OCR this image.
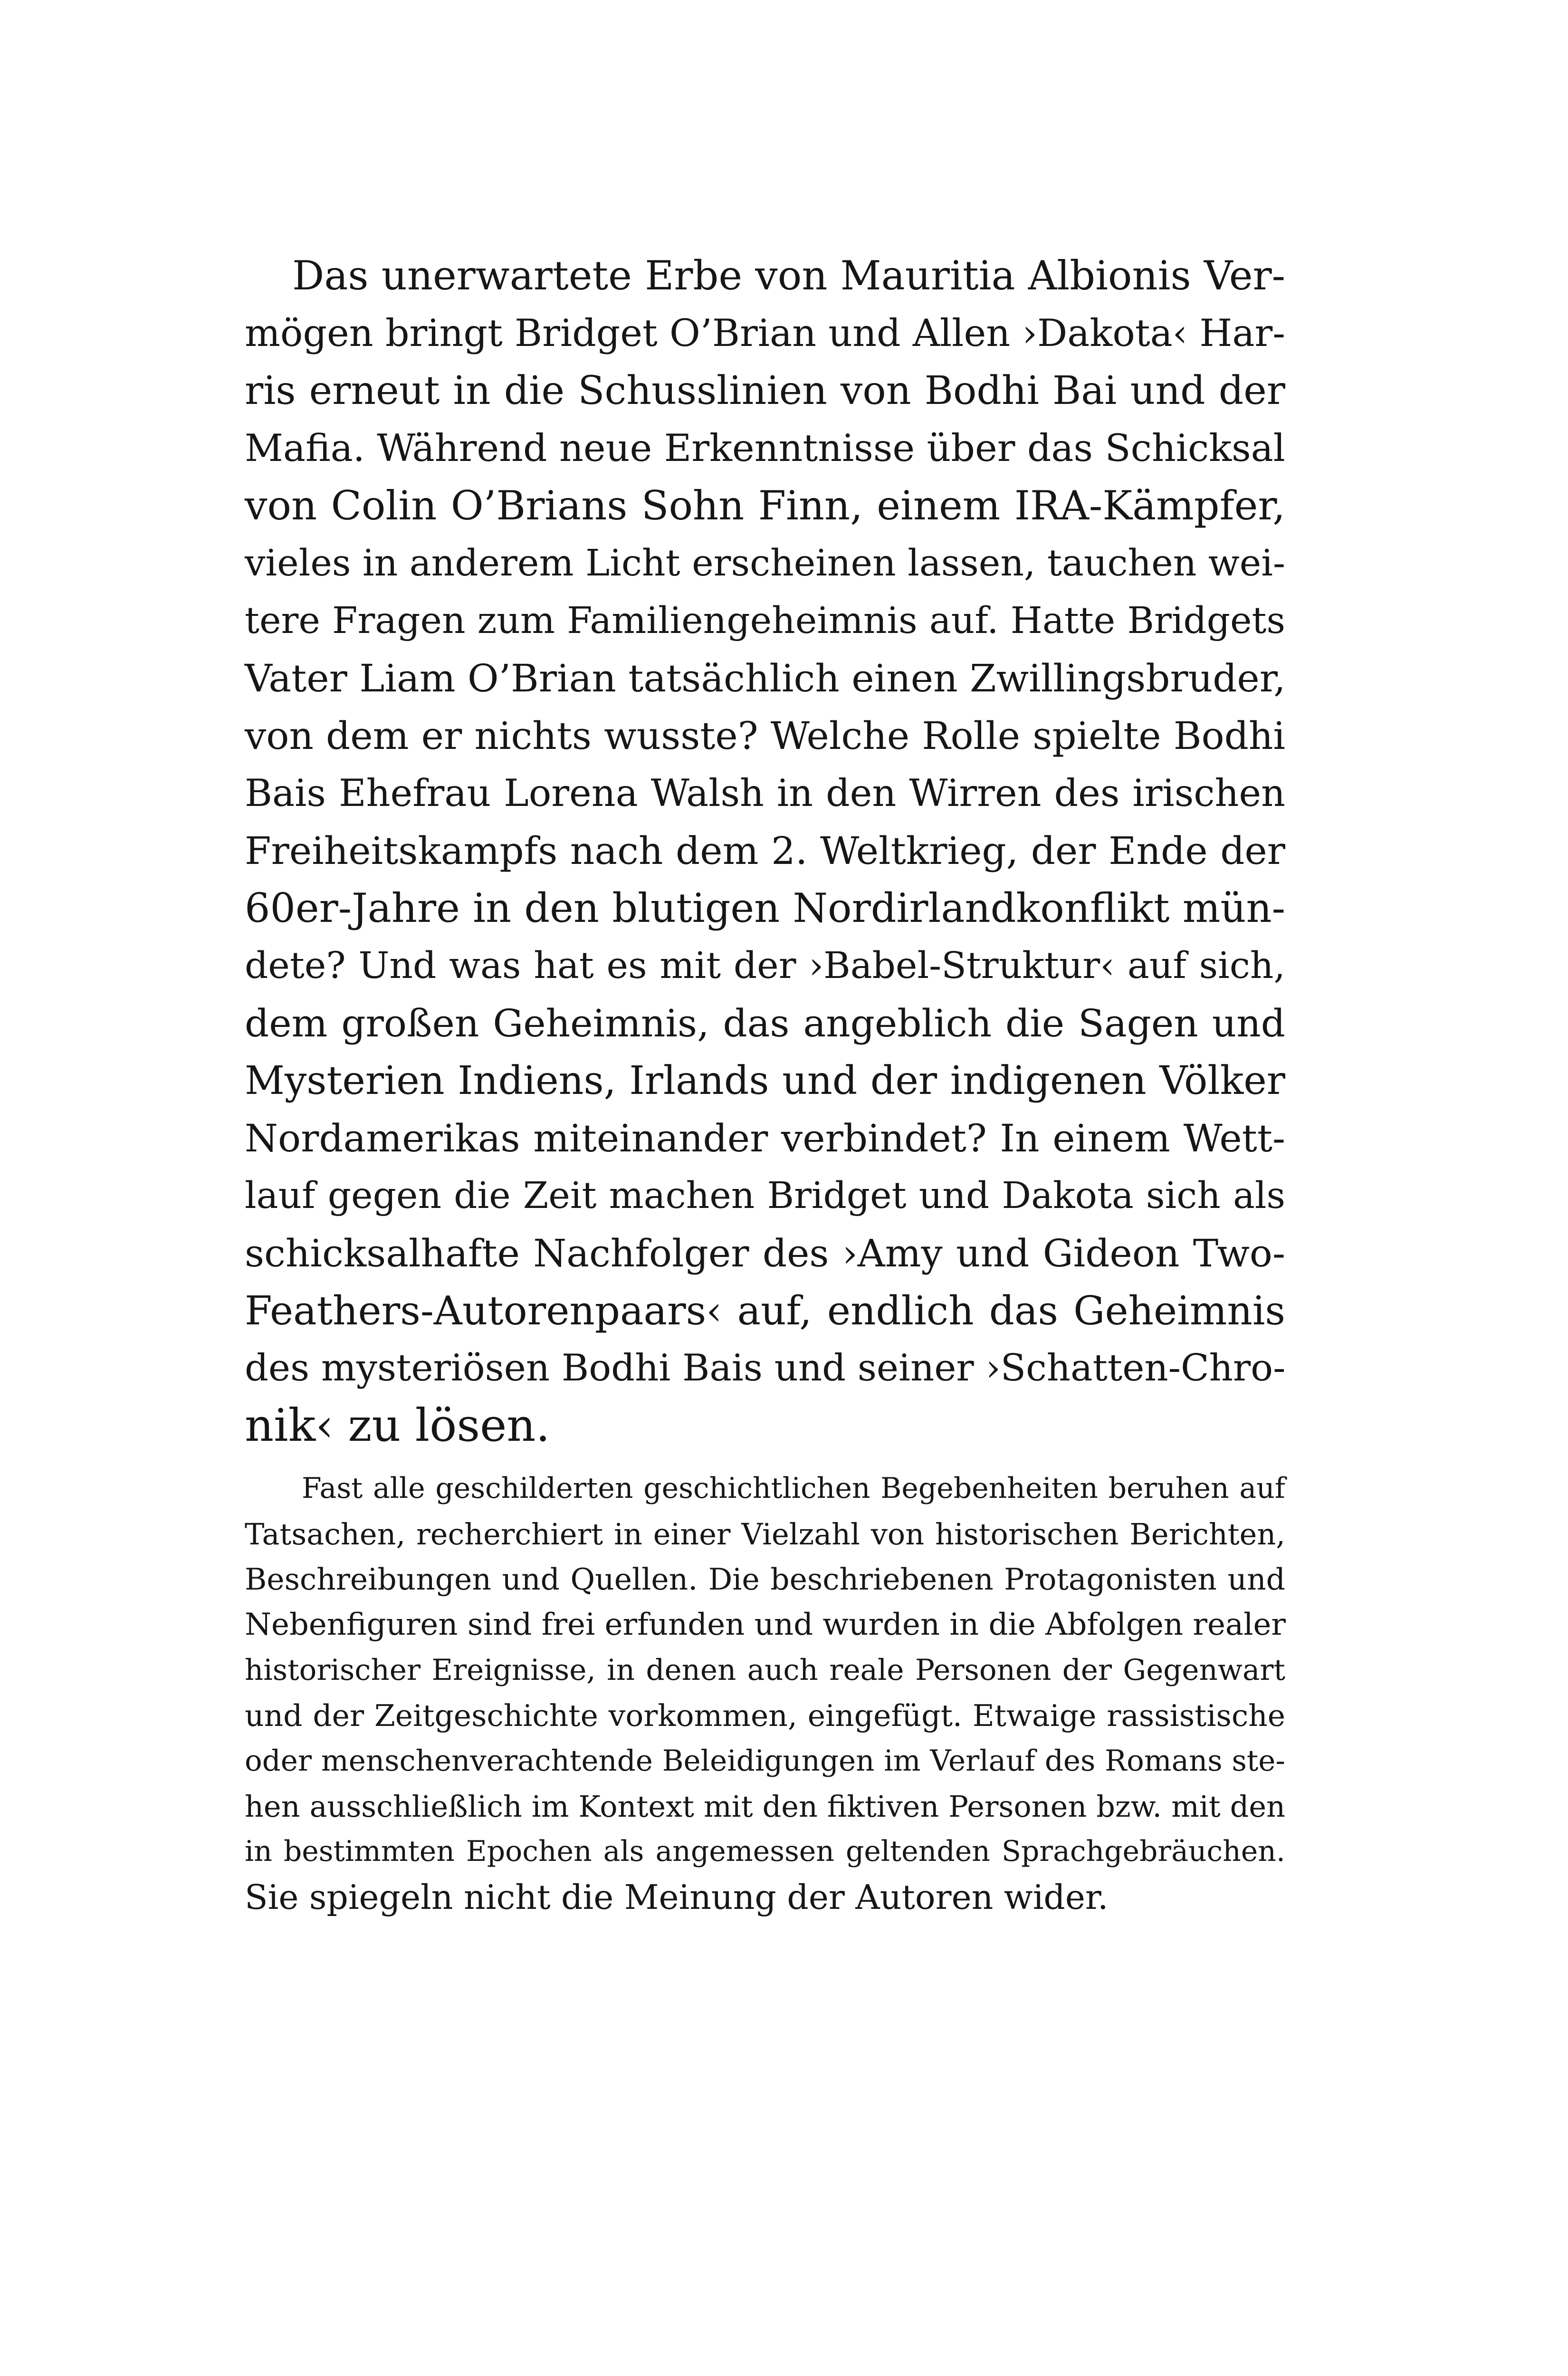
Das unerwartete Erbe von Mauritia Albionis Ver-
mögen bringt Bridget O’Brian und Allen ›Dakota‹ Har-
ris erneut in die Schusslinien von Bodhi Bai und der
Mafia. Während neue Erkenntnisse über das Schicksal
von Colin O’Brians Sohn Finn, einem IRA-Kämpfer,
vieles in anderem Licht erscheinen lassen, tauchen wei-
tere Fragen zum Familiengeheimnis auf. Hatte Bridgets
Vater Liam O’Brian tatsächlich einen Zwillingsbruder,
von dem er nichts wusste? Welche Rolle spielte Bodhi
Bais Ehefrau Lorena Walsh in den Wirren des irischen
Freiheitskampfs nach dem 2. Weltkrieg, der Ende der
60er-Jahre in den blutigen Nordirlandkonflikt mün-
dete? Und was hat es mit der ›Babel-Struktur‹ auf sich,
dem großen Geheimnis, das angeblich die Sagen und
Mysterien Indiens, Irlands und der indigenen Völker
Nordamerikas miteinander verbindet? In einem Wett-
lauf gegen die Zeit machen Bridget und Dakota sich als
schicksalhafte Nachfolger des ›Amy und Gideon Two-
Feathers-Autorenpaars‹ auf, endlich das Geheimnis
des mysteriösen Bodhi Bais und seiner ›Schatten-Chro-
nik‹ zu lösen.
Fast alle geschilderten geschichtlichen Begebenheiten beruhen auf
Tatsachen, recherchiert in einer Vielzahl von historischen Berichten,
Beschreibungen und Quellen. Die beschriebenen Protagonisten und
Nebenfiguren sind frei erfunden und wurden in die Abfolgen realer
historischer Ereignisse, in denen auch reale Personen der Gegenwart
und der Zeitgeschichte vorkommen, eingefügt. Etwaige rassistische
oder menschenverachtende Beleidigungen im Verlauf des Romans ste-
hen ausschließlich im Kontext mit den fiktiven Personen bzw. mit den
in bestimmten Epochen als angemessen geltenden Sprachgebräuchen.
Sie spiegeln nicht die Meinung der Autoren wider.
